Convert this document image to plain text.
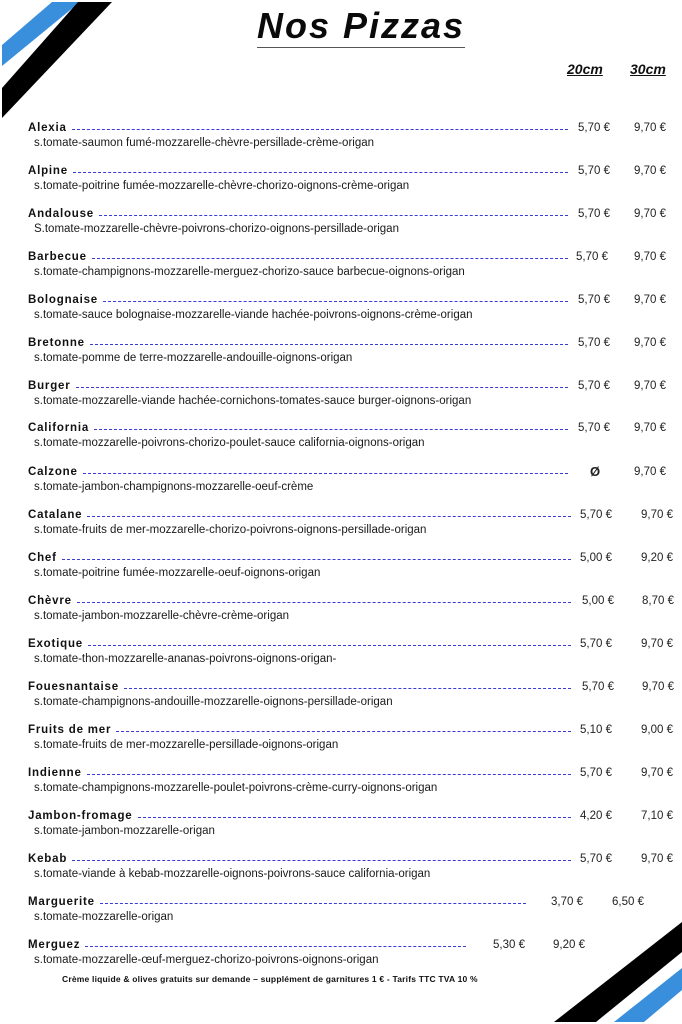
Nos Pizzas
20cm 30cm
Alexia	5,70 € 9,70 €
s.tomate-saumon fumé-mozzarelle-chèvre-persillade-crème-origan
Alpine	5,70 € 9,70 €
s.tomate-poitrine fumée-mozzarelle-chèvre-chorizo-oignons-crème-origan
Andalouse	5,70 € 9,70 €
S.tomate-mozzarelle-chèvre-poivrons-chorizo-oignons-persillade-origan
Barbecue	5,70 € 9,70 €
s.tomate-champignons-mozzarelle-merguez-chorizo-sauce barbecue-oignons-origan
Bolognaise	5,70 € 9,70 €
s.tomate-sauce bolognaise-mozzarelle-viande hachée-poivrons-oignons-crème-origan
Bretonne	5,70 € 9,70 €
s.tomate-pomme de terre-mozzarelle-andouille-oignons-origan
Burger	5,70 € 9,70 €
s.tomate-mozzarelle-viande hachée-cornichons-tomates-sauce burger-oignons-origan
California	5,70 € 9,70 €
s.tomate-mozzarelle-poivrons-chorizo-poulet-sauce california-oignons-origan
Calzone	Ø	9,70 €
s.tomate-jambon-champignons-mozzarelle-oeuf-crème
Catalane	5,70 €	9,70 €
s.tomate-fruits de mer-mozzarelle-chorizo-poivrons-oignons-persillade-origan
Chef	5,00 €	9,20 €
s.tomate-poitrine fumée-mozzarelle-oeuf-oignons-origan
Chèvre	5,00 € 8,70 €
s.tomate-jambon-mozzarelle-chèvre-crème-origan
Exotique	5,70 €	9,70 €
s.tomate-thon-mozzarelle-ananas-poivrons-oignons-origan-
Fouesnantaise	5,70 € 9,70 €
s.tomate-champignons-andouille-mozzarelle-oignons-persillade-origan
Fruits de mer	5,10 €	9,00 €
s.tomate-fruits de mer-mozzarelle-persillade-oignons-origan
Indienne	5,70 €	9,70 €
s.tomate-champignons-mozzarelle-poulet-poivrons-crème-curry-oignons-origan
Jambon-fromage	4,20 €	7,10 €
s.tomate-jambon-mozzarelle-origan
Kebab	5,70 €	9,70 €
s.tomate-viande à kebab-mozzarelle-oignons-poivrons-sauce california-origan
Marguerite	3,70 €	6,50 €
s.tomate-mozzarelle-origan
Merguez	5,30 € 9,20 €
s.tomate-mozzarelle-œuf-merguez-chorizo-poivrons-oignons-origan
Crème liquide & olives gratuits sur demande – supplément de garnitures 1 € - Tarifs TTC TVA 10 %
